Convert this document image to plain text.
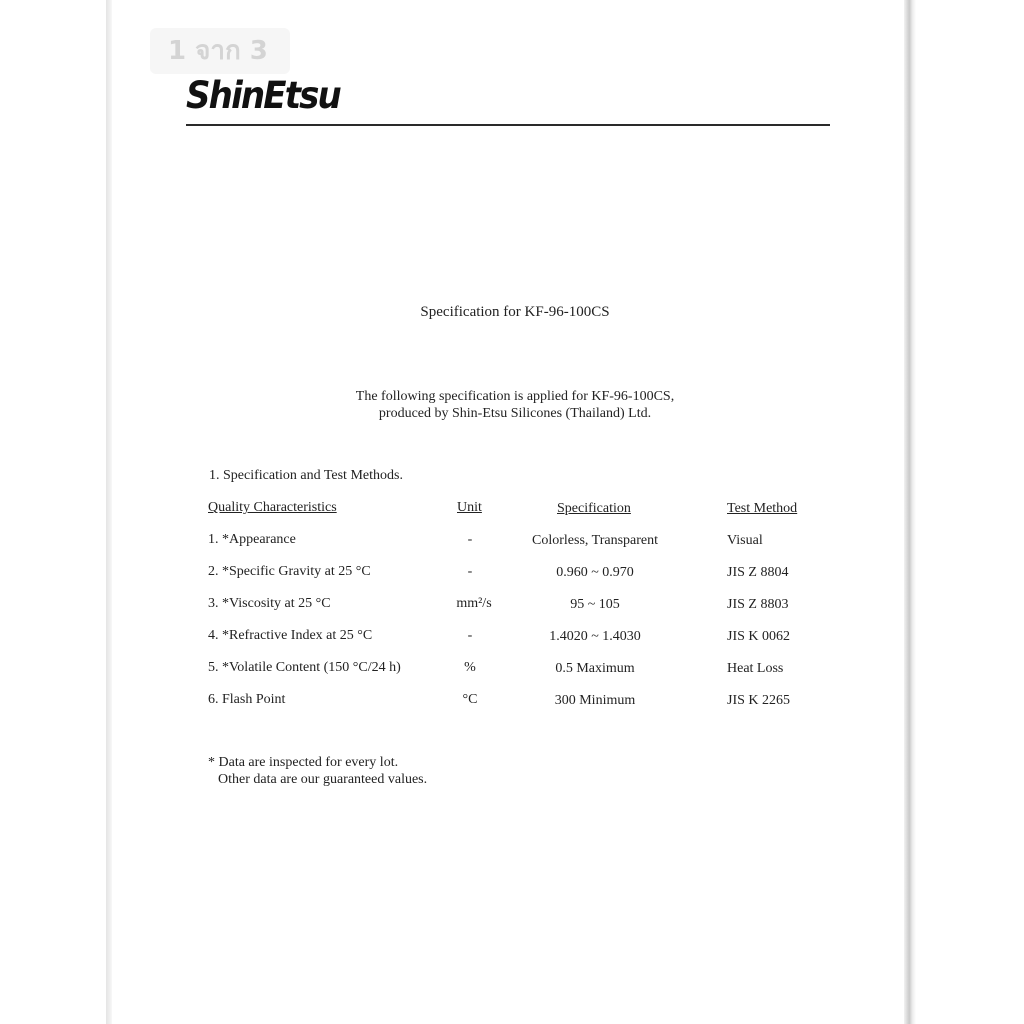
1 จาก 3
ShinEtsu
Specification for KF-96-100CS
The following specification is applied for KF-96-100CS,
produced by Shin-Etsu Silicones (Thailand) Ltd.
1. Specification and Test Methods.
Quality Characteristics	Unit	Specification	Test Method
1. *Appearance	-	Colorless, Transparent	Visual
2. *Specific Gravity at 25 °C	-	0.960 ~ 0.970	JIS Z 8804
3. *Viscosity at 25 °C	mm²/s	95 ~ 105	JIS Z 8803
4. *Refractive Index at 25 °C	-	1.4020 ~ 1.4030	JIS K 0062
5. *Volatile Content (150 °C/24 h)	%	0.5 Maximum	Heat Loss
6. Flash Point	°C	300 Minimum	JIS K 2265
* Data are inspected for every lot.
Other data are our guaranteed values.
